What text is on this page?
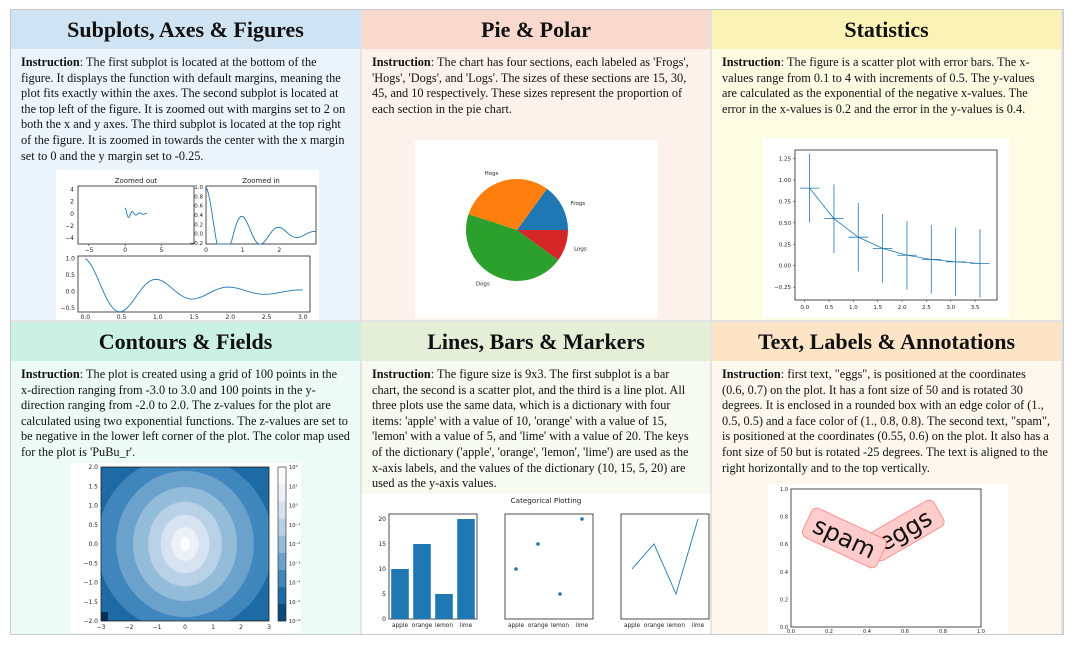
Subplots, Axes & Figures
Instruction: The first subplot is located at the bottom of the figure. It displays the function with default margins, meaning the plot fits exactly within the axes. The second subplot is located at the top left of the figure. It is zoomed out with margins set to 2 on both the x and y axes. The third subplot is located at the top right of the figure. It is zoomed in towards the center with the x margin set to 0 and the y margin set to -0.25.
Zoomed out
−5	0	5
4
2
0
−2
−4
Zoomed in
0	1	2
1.0
0.8
0.6
0.4
0.2
0.0
−0.2
0.0	0.5	1.0	1.5	2.0	2.5	3.0
1.0
0.5
0.0
−0.5
Pie & Polar
Instruction: The chart has four sections, each labeled as 'Frogs', 'Hogs', 'Dogs', and 'Logs'. The sizes of these sections are 15, 30, 45, and 10 respectively. These sizes represent the proportion of each section in the pie chart.
Frogs
Hogs
Dogs
Logs
Statistics
Instruction: The figure is a scatter plot with error bars. The x-values range from 0.1 to 4 with increments of 0.5. The y-values are calculated as the exponential of the negative x-values. The error in the x-values is 0.2 and the error in the y-values is 0.4.
0.0	0.5	1.0	1.5	2.0	2.5	3.0	3.5
1.25
1.00
0.75
0.50
0.25
0.00
−0.25
Contours & Fields
Instruction: The plot is created using a grid of 100 points in the x-direction ranging from -3.0 to 3.0 and 100 points in the y-direction ranging from -2.0 to 2.0. The z-values for the plot are calculated using two exponential functions. The z-values are set to be negative in the lower left corner of the plot. The color map used for the plot is 'PuBu_r'.
−3	−2	−1	0	1	2	3
2.0
1.5
1.0
0.5
0.0
−0.5
−1.0
−1.5
−2.0
10²
10¹
10⁰
10⁻¹
10⁻²
10⁻³
10⁻⁴
10⁻⁵
10⁻⁶
Lines, Bars & Markers
Instruction: The figure size is 9x3. The first subplot is a bar chart, the second is a scatter plot, and the third is a line plot. All three plots use the same data, which is a dictionary with four items: 'apple' with a value of 10, 'orange' with a value of 15, 'lemon' with a value of 5, and 'lime' with a value of 20. The keys of the dictionary ('apple', 'orange', 'lemon', 'lime') are used as the x-axis labels, and the values of the dictionary (10, 15, 5, 20) are used as the y-axis values.
Categorical Plotting
apple orange lemon lime	apple orange lemon lime	apple orange lemon lime
20
15
10
5
0
Text, Labels & Annotations
Instruction: first text, "eggs", is positioned at the coordinates (0.6, 0.7) on the plot. It has a font size of 50 and is rotated 30 degrees. It is enclosed in a rounded box with an edge color of (1., 0.5, 0.5) and a face color of (1., 0.8, 0.8). The second text, "spam", is positioned at the coordinates (0.55, 0.6) on the plot. It also has a font size of 50 but is rotated -25 degrees. The text is aligned to the right horizontally and to the top vertically.
0.0	0.2	0.4	0.6	0.8	1.0
1.0
0.8
0.6
0.4
0.2
0.0
eggs
spam
